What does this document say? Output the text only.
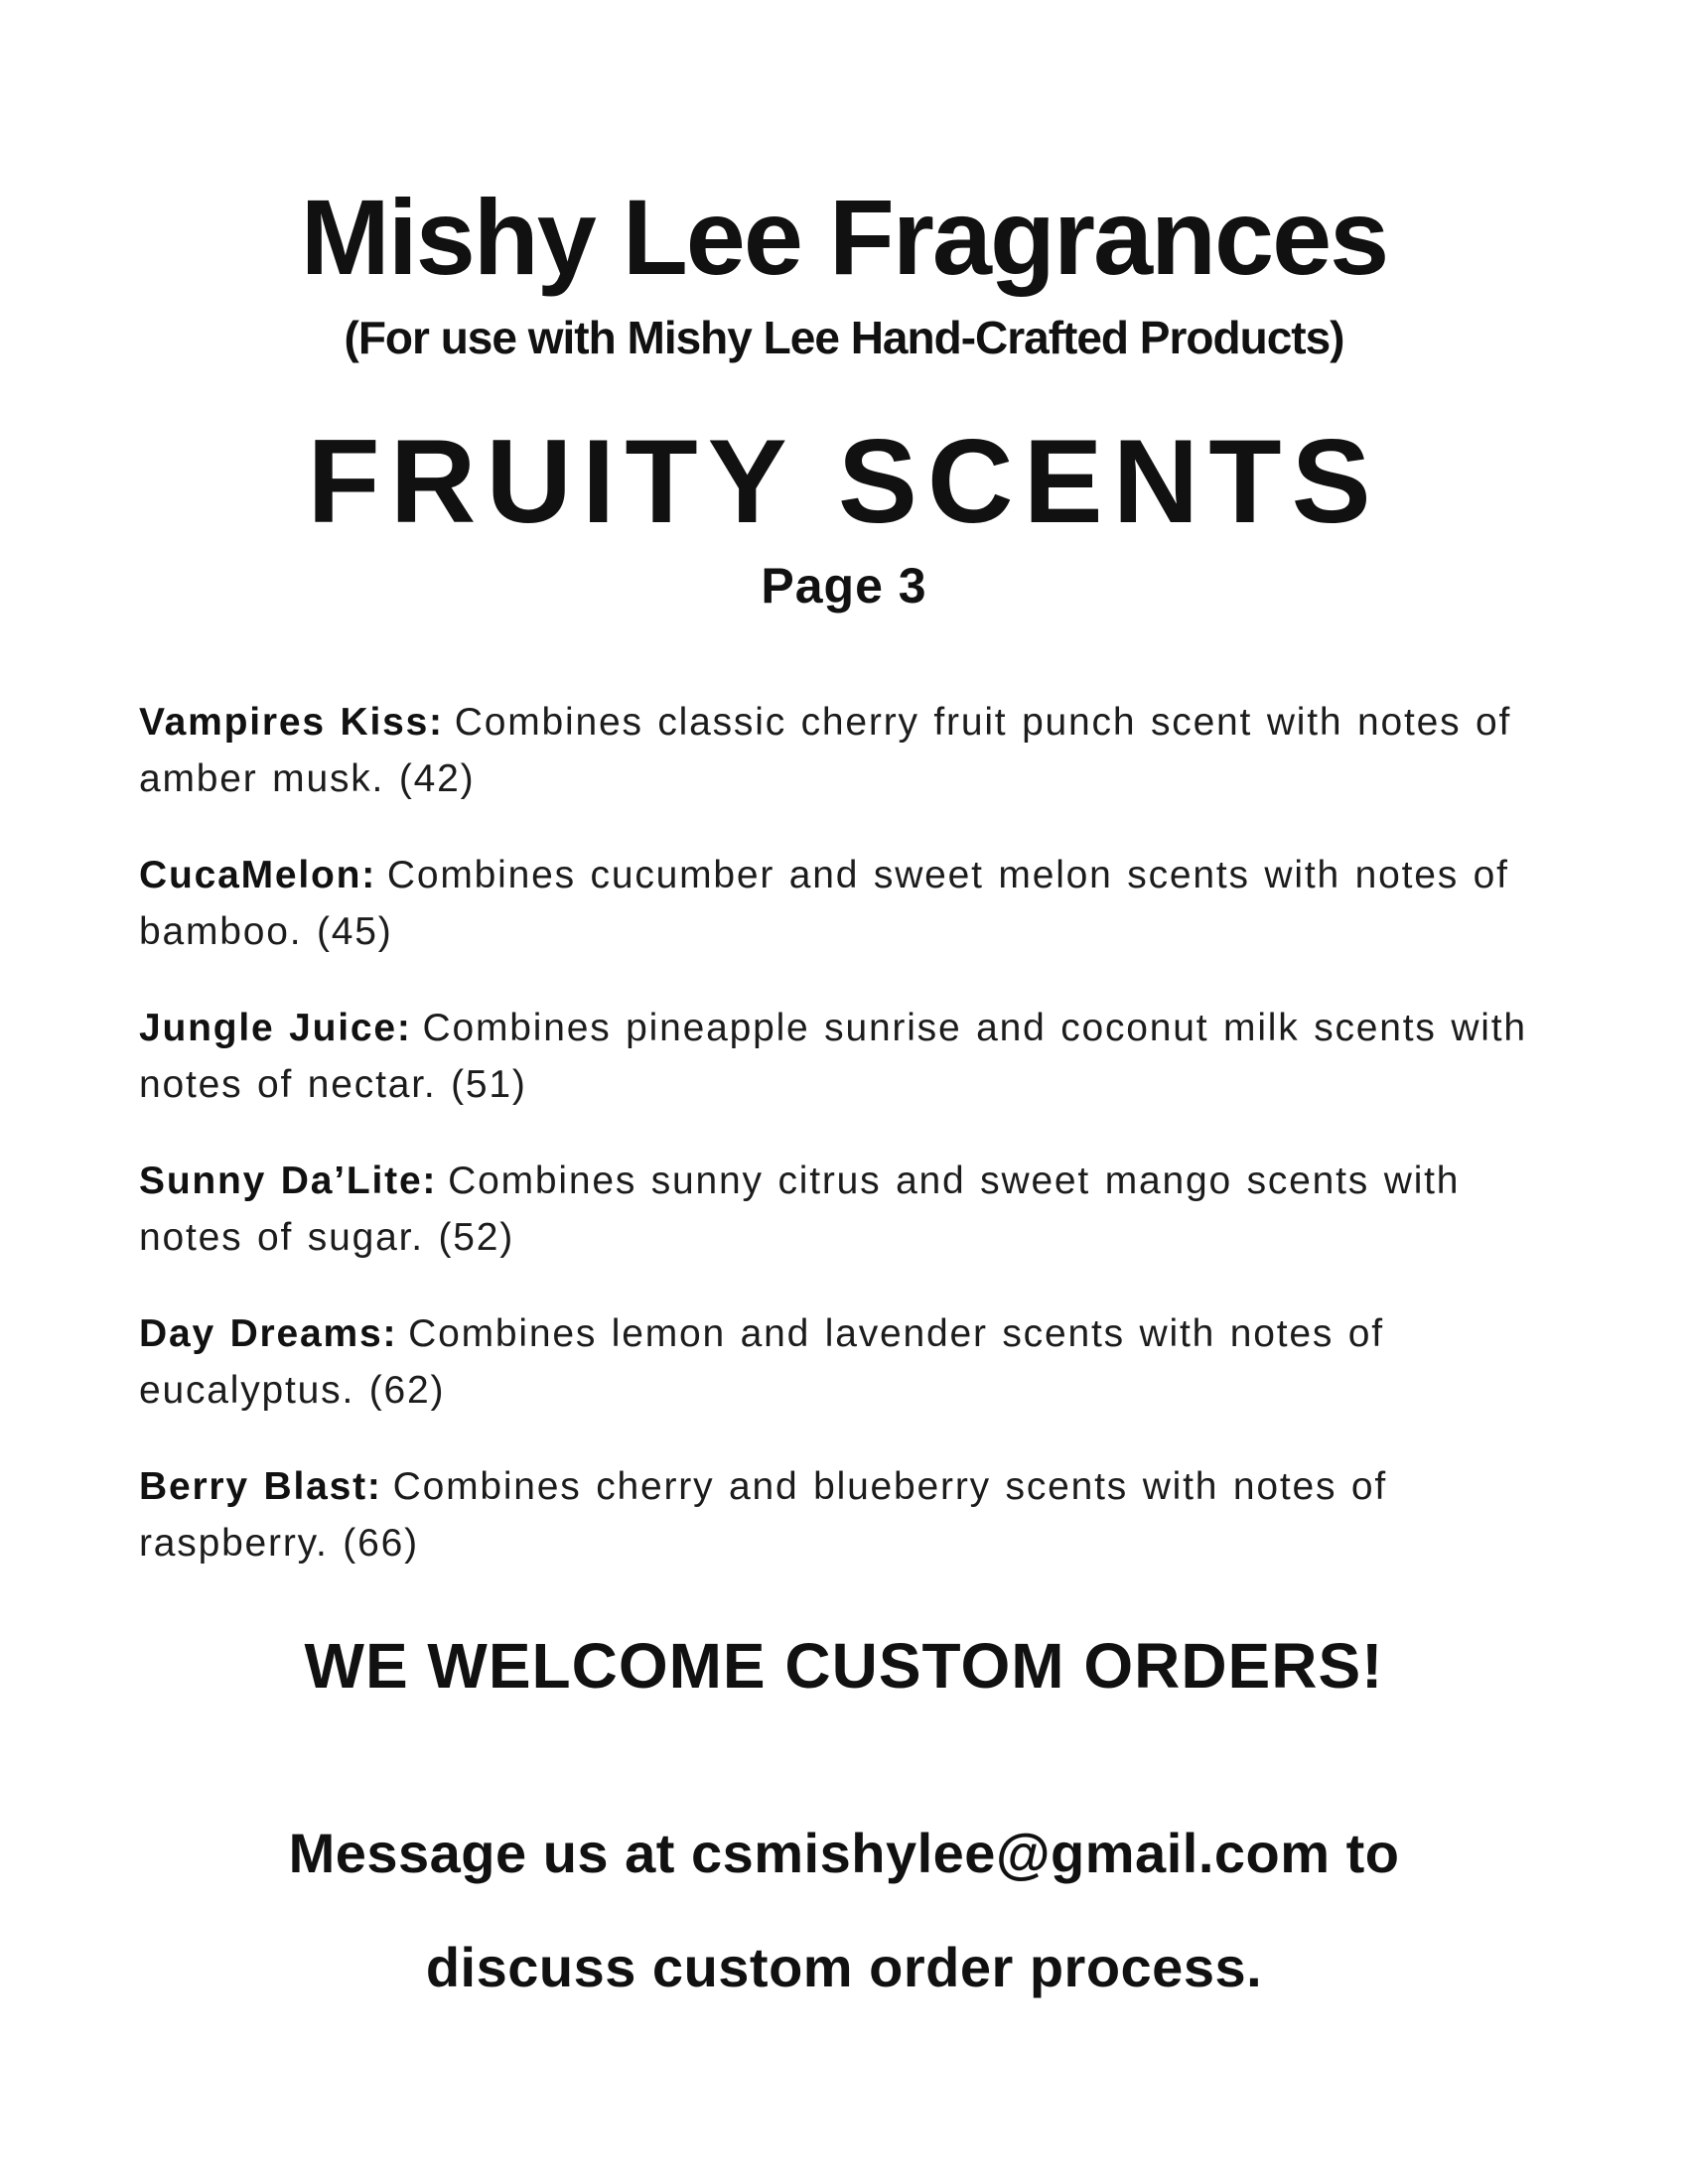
Mishy Lee Fragrances
(For use with Mishy Lee Hand-Crafted Products)
FRUITY SCENTS
Page 3

Vampires Kiss: Combines classic cherry fruit punch scent with notes of amber musk. (42)

CucaMelon: Combines cucumber and sweet melon scents with notes of bamboo. (45)

Jungle Juice: Combines pineapple sunrise and coconut milk scents with notes of nectar. (51)

Sunny Da’Lite: Combines sunny citrus and sweet mango scents with notes of sugar. (52)

Day Dreams: Combines lemon and lavender scents with notes of eucalyptus. (62)

Berry Blast: Combines cherry and blueberry scents with notes of raspberry. (66)

WE WELCOME CUSTOM ORDERS!
Message us at csmishylee@gmail.com to
discuss custom order process.
